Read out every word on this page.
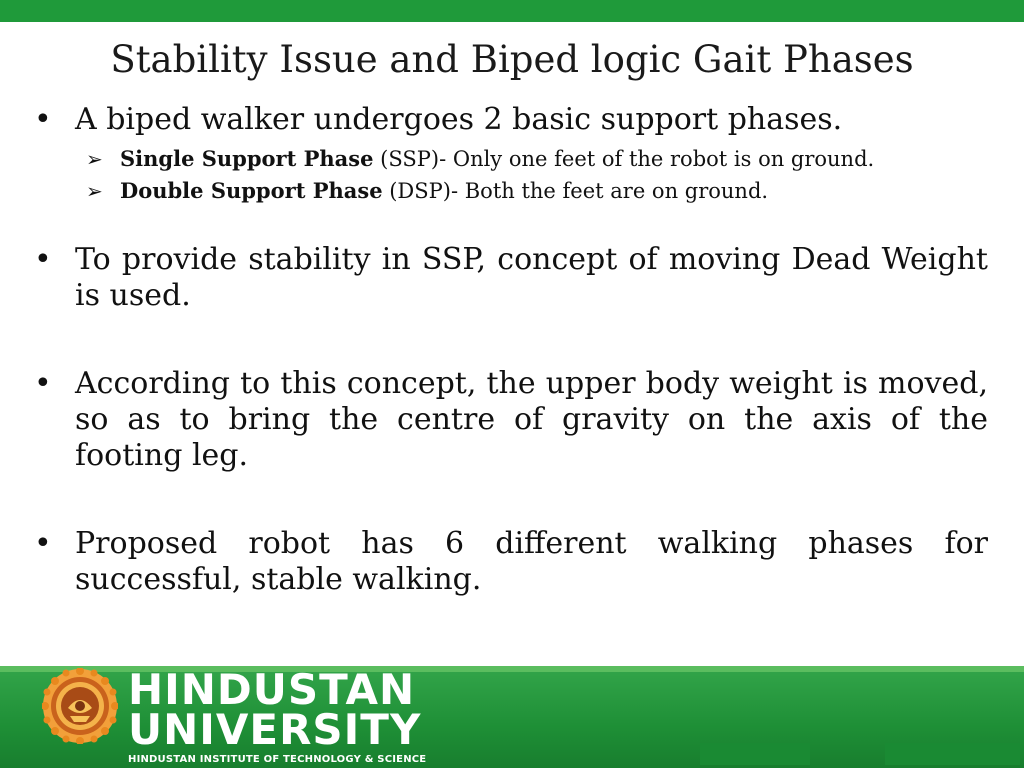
Stability Issue and Biped logic Gait Phases
• A biped walker undergoes 2 basic support phases.
➢ Single Support Phase (SSP)- Only one feet of the robot is on ground.
➢ Double Support Phase (DSP)- Both the feet are on ground.
• To provide stability in SSP, concept of moving Dead Weight is used.
• According to this concept, the upper body weight is moved, so as to bring the centre of gravity on the axis of the footing leg.
• Proposed robot has 6 different walking phases for successful, stable walking.
HINDUSTAN
UNIVERSITY
HINDUSTAN INSTITUTE OF TECHNOLOGY & SCIENCE
